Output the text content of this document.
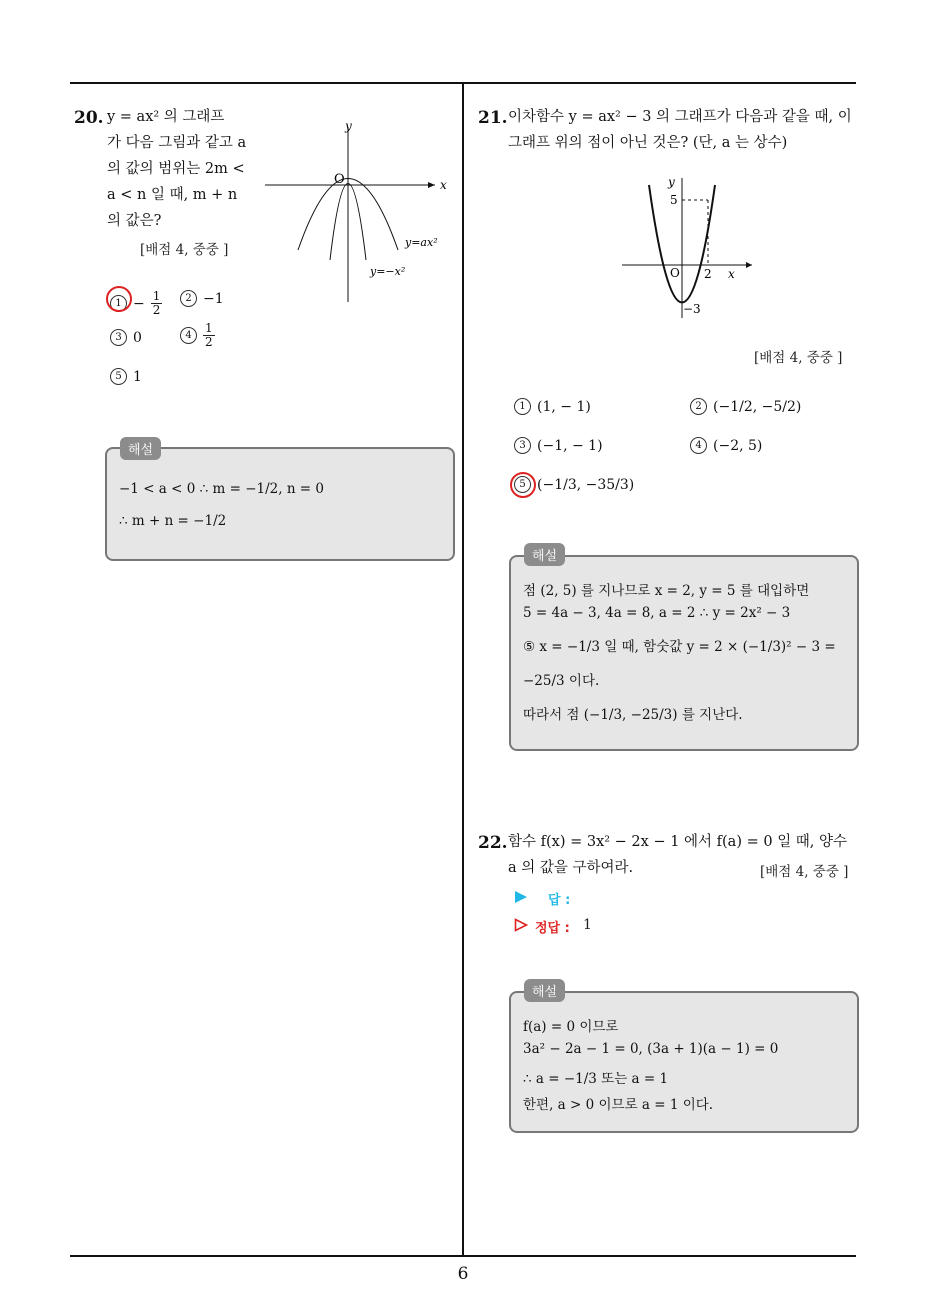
20. y = ax² 의 그래프
가 다음 그림과 같고 a
의 값의 범위는 2m <
a < n 일 때, m + n
의 값은?
[배점 4, 중중 ]
y
x
O
y=ax²
y=−x²
$1 - \frac{1}{2}$	2 −1
3 0	$4 \frac{1}{2}$
5 1
−1 < a < 0 ∴ m = −1/2, n = 0
∴ m + n = −1/2
해설
21. 이차함수 y = ax² − 3 의 그래프가 다음과 같을 때, 이
그래프 위의 점이 아닌 것은? (단, a 는 상수)
y
x
O
5
2
−3
[배점 4, 중중 ]
1 (1, − 1)	2 (−1/2, −5/2)
3 (−1, − 1)	4 (−2, 5)
5 (−1/3, −35/3)
점 (2, 5) 를 지나므로 x = 2, y = 5 를 대입하면
5 = 4a − 3, 4a = 8, a = 2 ∴ y = 2x² − 3
⑤ x = −1/3 일 때, 함숫값 y = 2 × (−1/3)² − 3 =
−25/3 이다.
따라서 점 (−1/3, −25/3) 를 지난다.
해설
22. 함수 f(x) = 3x² − 2x − 1 에서 f(a) = 0 일 때, 양수
a 의 값을 구하여라.	[배점 4, 중중 ]
답 :
정답 : 1
f(a) = 0 이므로
3a² − 2a − 1 = 0, (3a + 1)(a − 1) = 0
∴ a = −1/3 또는 a = 1
한편, a > 0 이므로 a = 1 이다.
해설
6
